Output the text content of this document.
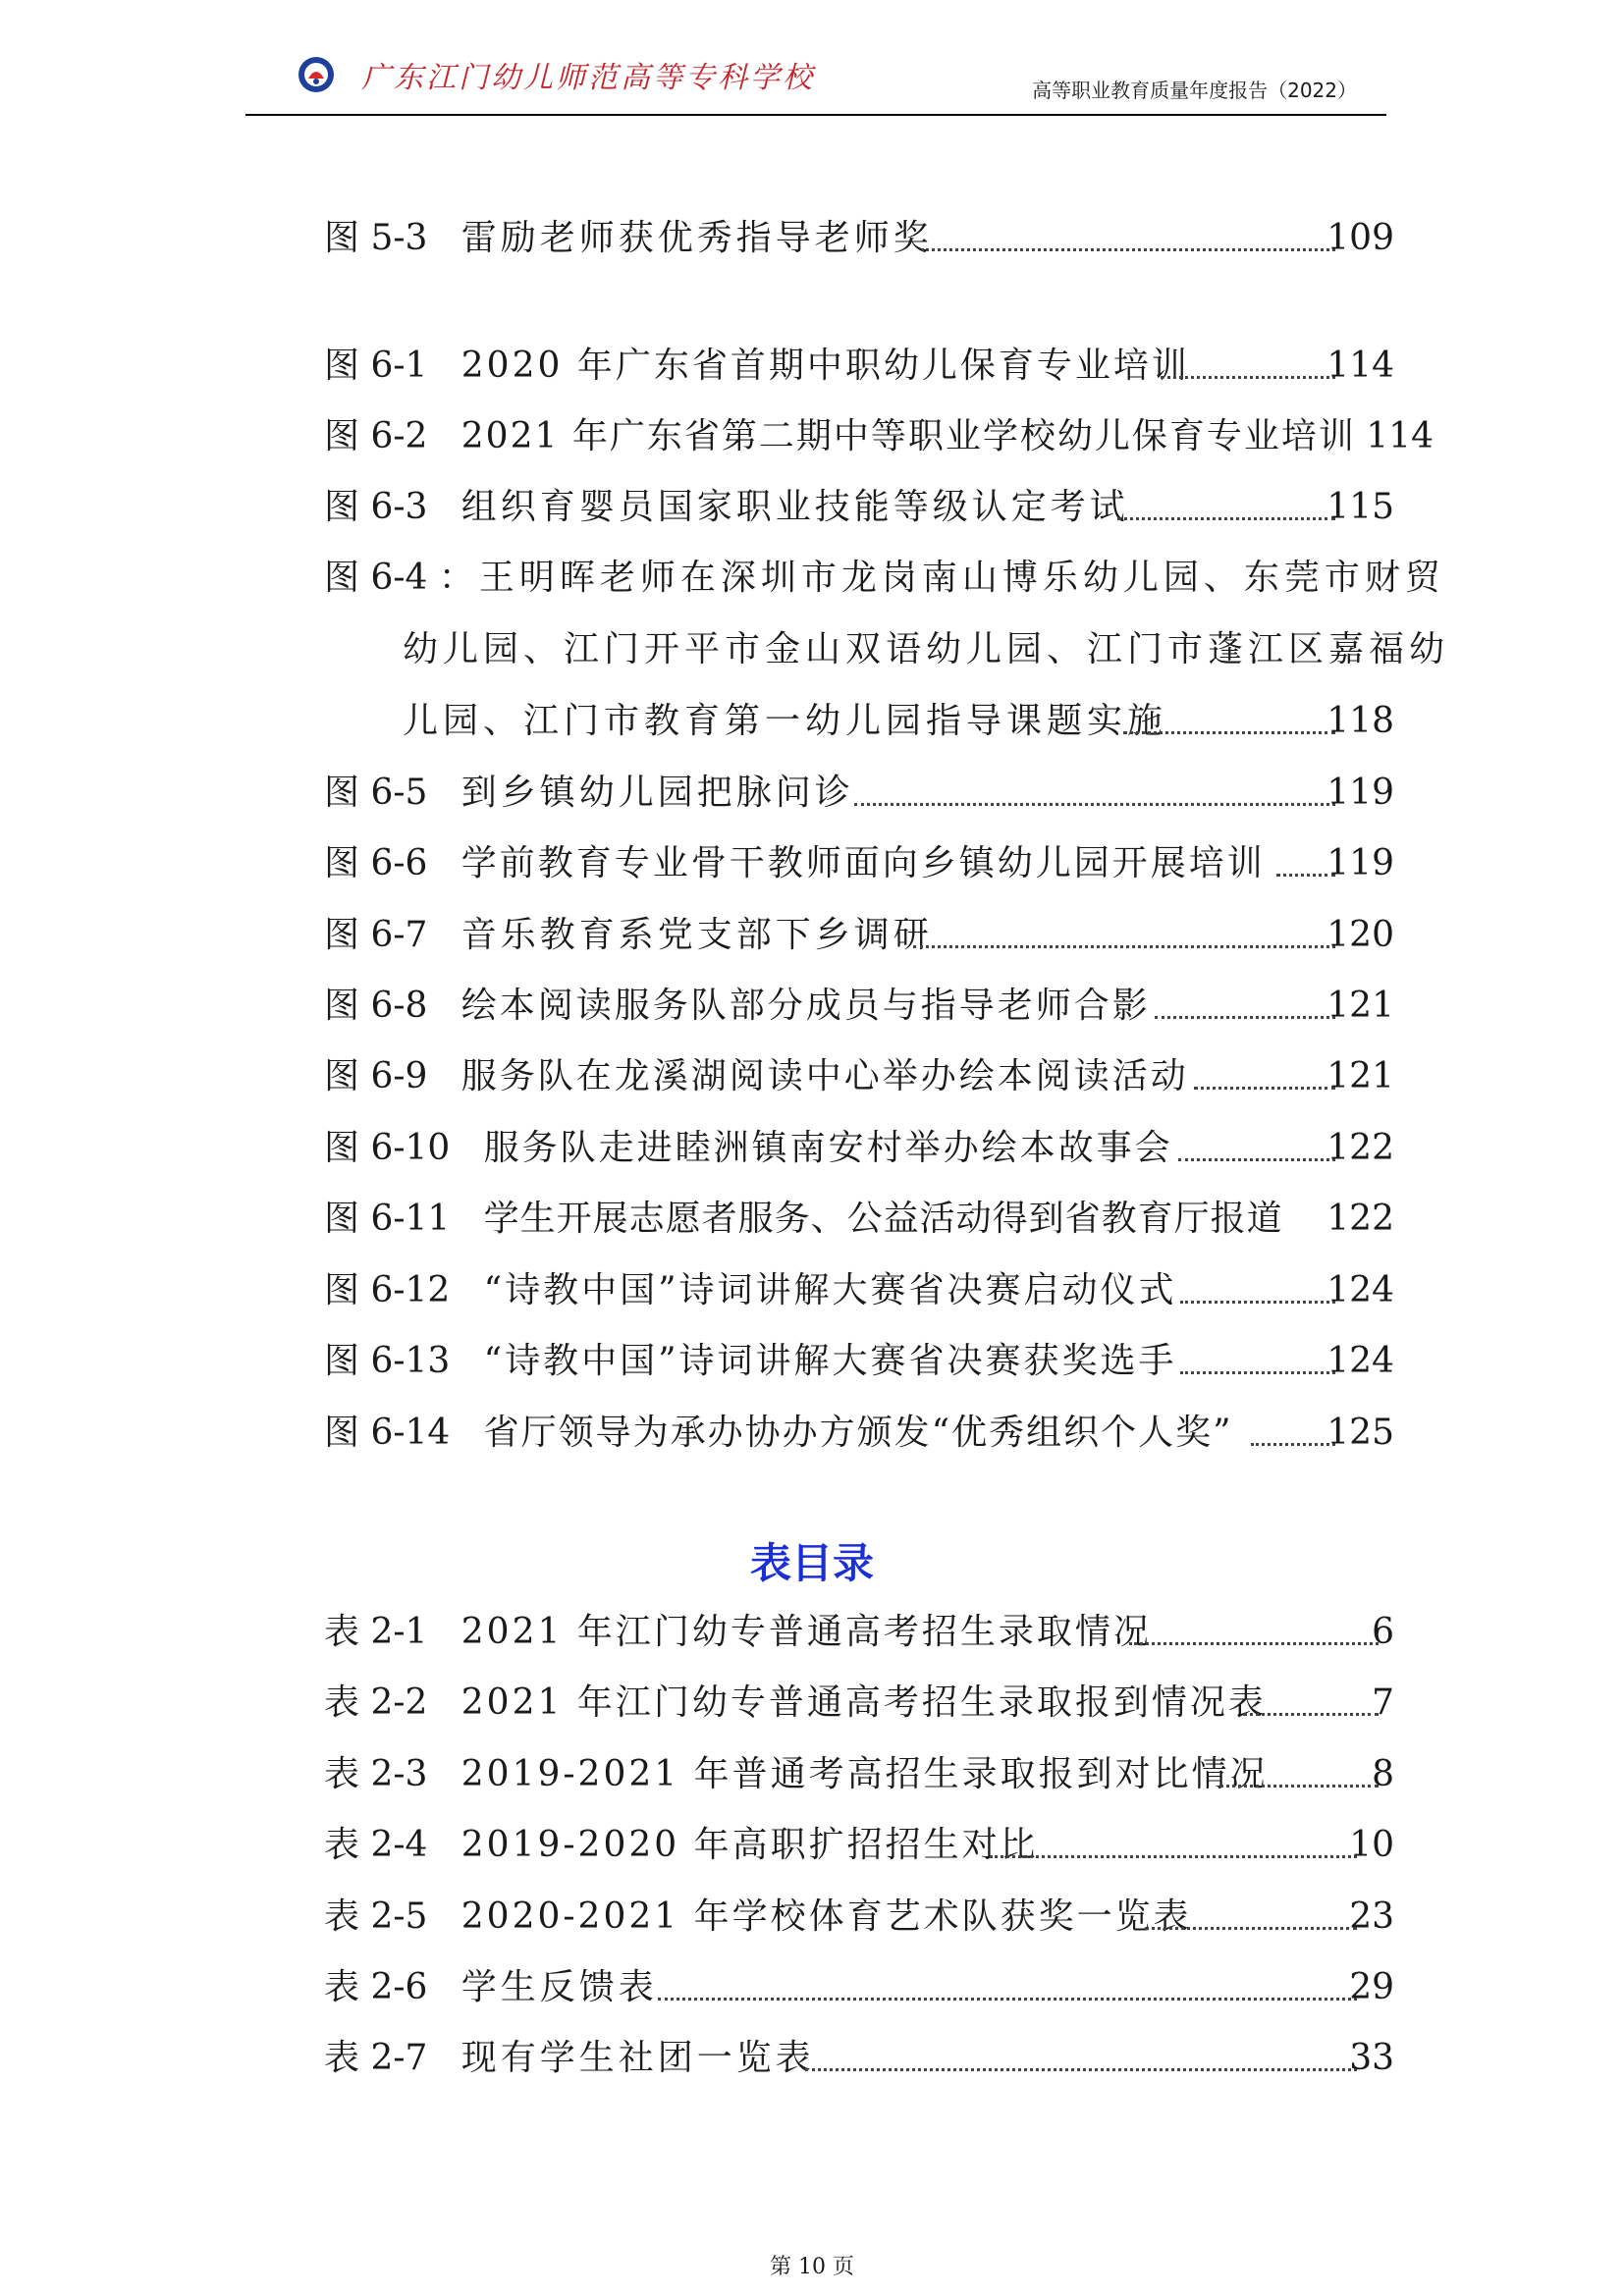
广东江门幼儿师范高等专科学校	高等职业教育质量年度报告（2022）
图 5-3 雷励老师获优秀指导老师奖	109
图 6-1 2020 年广东省首期中职幼儿保育专业培训	114
图 6-2 2021 年广东省第二期中等职业学校幼儿保育专业培训 114
图 6-3 组织育婴员国家职业技能等级认定考试	115
图 6-4 ：王明晖老师在深圳市龙岗南山博乐幼儿园、东莞市财贸
幼儿园、江门开平市金山双语幼儿园、江门市蓬江区嘉福幼
儿园、江门市教育第一幼儿园指导课题实施	118
图 6-5 到乡镇幼儿园把脉问诊	119
图 6-6 学前教育专业骨干教师面向乡镇幼儿园开展培训 119
图 6-7 音乐教育系党支部下乡调研	120
图 6-8 绘本阅读服务队部分成员与指导老师合影	121
图 6-9 服务队在龙溪湖阅读中心举办绘本阅读活动	121
图 6-10 服务队走进睦洲镇南安村举办绘本故事会	122
图 6-11 学生开展志愿者服务、公益活动得到省教育厅报道 122
图 6-12 “诗教中国”诗词讲解大赛省决赛启动仪式	124
图 6-13 “诗教中国”诗词讲解大赛省决赛获奖选手	124
图 6-14 省厅领导为承办协办方颁发“优秀组织个人奖”	125
表目录
表 2-1 2021 年江门幼专普通高考招生录取情况	6
表 2-2 2021 年江门幼专普通高考招生录取报到情况表	7
表 2-3 2019-2021 年普通考高招生录取报到对比情况	8
表 2-4 2019-2020 年高职扩招招生对比	10
表 2-5 2020-2021 年学校体育艺术队获奖一览表	23
表 2-6 学生反馈表	29
表 2-7 现有学生社团一览表	33
第 10 页
